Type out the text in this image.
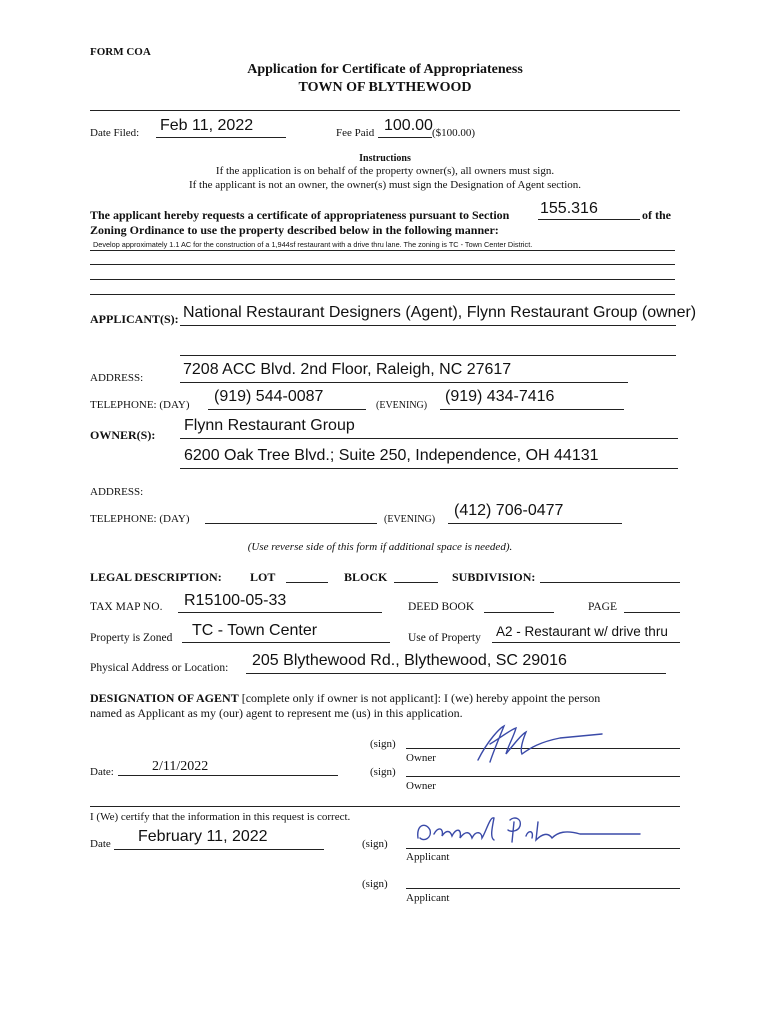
FORM COA
Application for Certificate of Appropriateness
TOWN OF BLYTHEWOOD
Date Filed: Feb 11, 2022	Fee Paid 100.00 ($100.00)
Instructions
If the application is on behalf of the property owner(s), all owners must sign.
If the applicant is not an owner, the owner(s) must sign the Designation of Agent section.
The applicant hereby requests a certificate of appropriateness pursuant to Section 155.316	of the
Zoning Ordinance to use the property described below in the following manner:
Develop approximately 1.1 AC for the construction of a 1,944sf restaurant with a drive thru lane. The zoning is TC - Town Center District.
APPLICANT(S): National Restaurant Designers (Agent), Flynn Restaurant Group (owner)
ADDRESS: 7208 ACC Blvd. 2nd Floor, Raleigh, NC 27617
TELEPHONE: (DAY) (919) 544-0087
(EVENING)
(919) 434-7416
OWNER(S):
Flynn Restaurant Group
6200 Oak Tree Blvd.; Suite 250, Independence, OH 44131
ADDRESS:
TELEPHONE: (DAY)	(EVENING)
(412) 706-0477
(Use reverse side of this form if additional space is needed).
LEGAL DESCRIPTION: LOT	BLOCK	SUBDIVISION:
TAX MAP NO. R15100-05-33	DEED BOOK	PAGE
Property is Zoned TC - Town Center	Use of Property A2 - Restaurant w/ drive thru
Physical Address or Location: 205 Blythewood Rd., Blythewood, SC 29016
DESIGNATION OF AGENT [complete only if owner is not applicant]: I (we) hereby appoint the person
named as Applicant as my (our) agent to represent me (us) in this application.
(sign)
Owner
Date:	2/11/2022	(sign)
Owner
I (We) certify that the information in this request is correct.
Date February 11, 2022	(sign)
Applicant
(sign)
Applicant
